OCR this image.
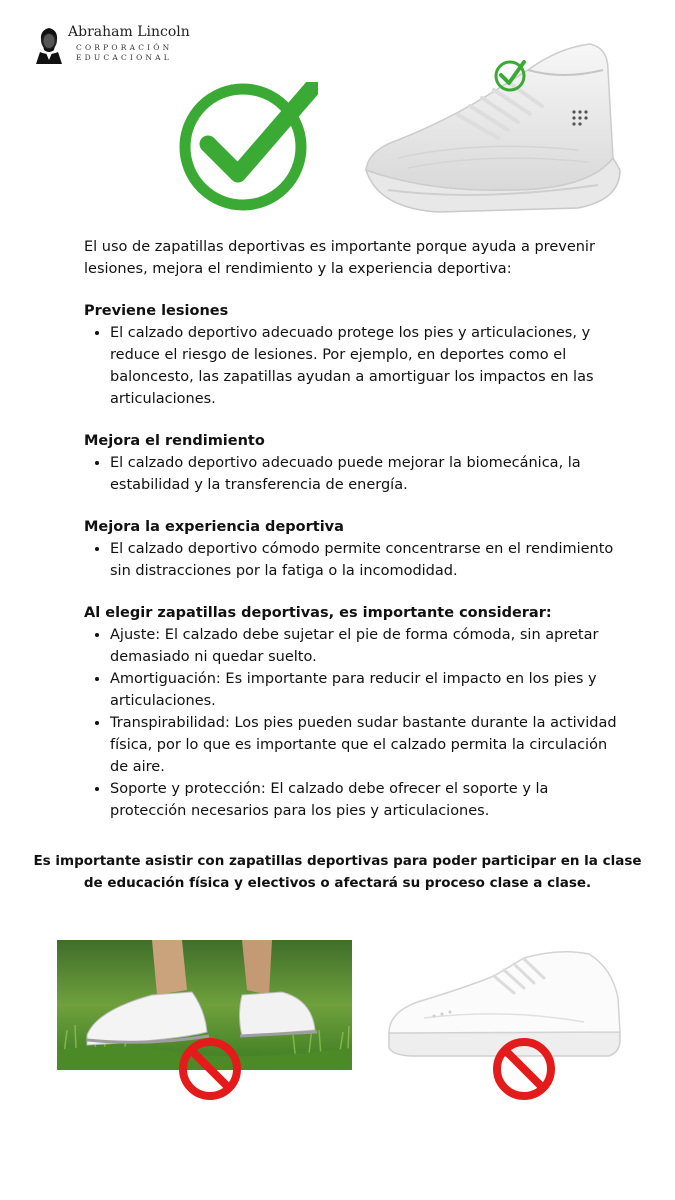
Abraham Lincoln
CORPORACIÓN
EDUCACIONAL

El uso de zapatillas deportivas es importante porque ayuda a prevenir lesiones, mejora el rendimiento y la experiencia deportiva:

Previene lesiones
• El calzado deportivo adecuado protege los pies y articulaciones, y reduce el riesgo de lesiones. Por ejemplo, en deportes como el baloncesto, las zapatillas ayudan a amortiguar los impactos en las articulaciones.
Mejora el rendimiento
• El calzado deportivo adecuado puede mejorar la biomecánica, la estabilidad y la transferencia de energía.
Mejora la experiencia deportiva
• El calzado deportivo cómodo permite concentrarse en el rendimiento sin distracciones por la fatiga o la incomodidad.
Al elegir zapatillas deportivas, es importante considerar:
• Ajuste: El calzado debe sujetar el pie de forma cómoda, sin apretar demasiado ni quedar suelto.
• Amortiguación: Es importante para reducir el impacto en los pies y articulaciones.
• Transpirabilidad: Los pies pueden sudar bastante durante la actividad física, por lo que es importante que el calzado permita la circulación de aire.
• Soporte y protección: El calzado debe ofrecer el soporte y la protección necesarios para los pies y articulaciones.
Es importante asistir con zapatillas deportivas para poder participar en la clase de educación física y electivos o afectará su proceso clase a clase.
